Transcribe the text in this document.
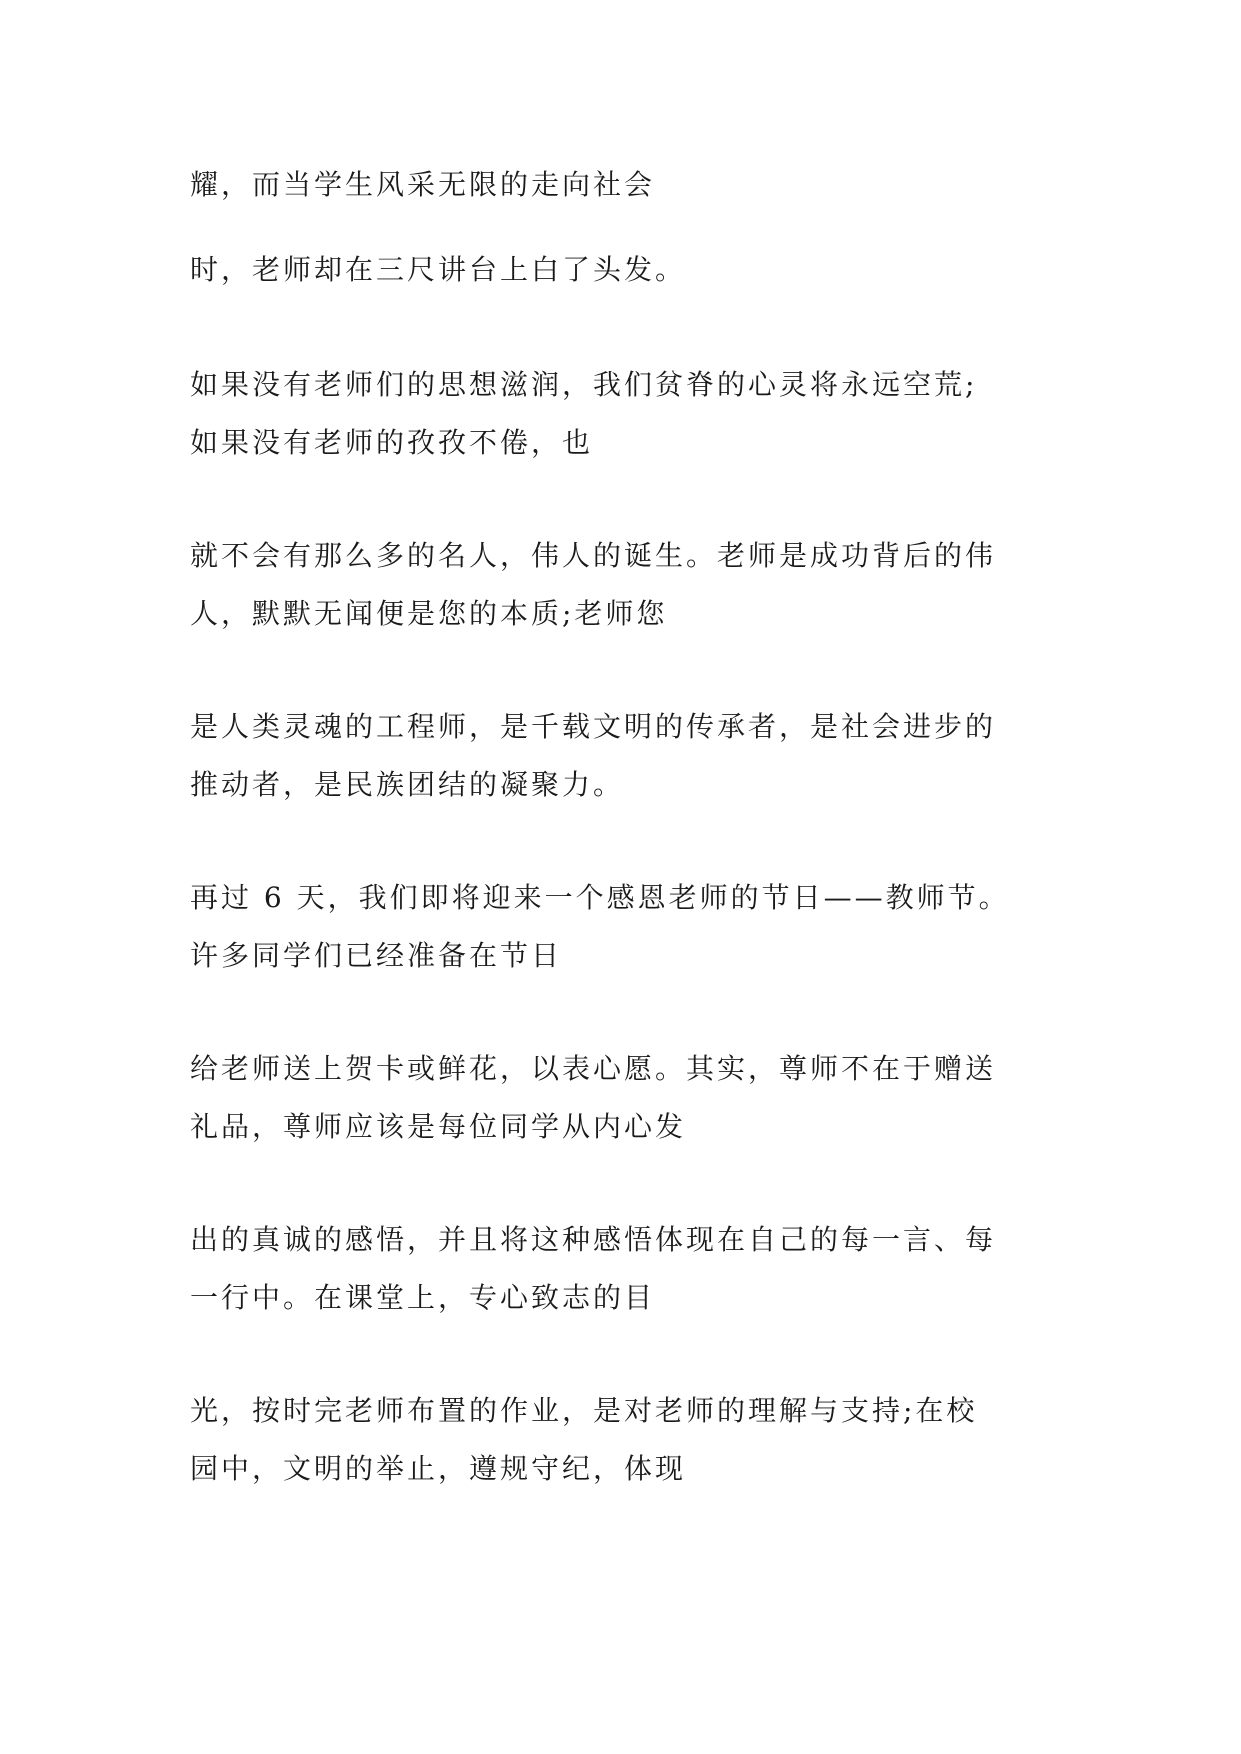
耀，而当学生风采无限的走向社会

时，老师却在三尺讲台上白了头发。

如果没有老师们的思想滋润，我们贫脊的心灵将永远空荒;
如果没有老师的孜孜不倦，也

就不会有那么多的名人，伟人的诞生。老师是成功背后的伟
人，默默无闻便是您的本质;老师您

是人类灵魂的工程师，是千载文明的传承者，是社会进步的
推动者，是民族团结的凝聚力。

再过 6 天，我们即将迎来一个感恩老师的节日——教师节。
许多同学们已经准备在节日

给老师送上贺卡或鲜花，以表心愿。其实，尊师不在于赠送
礼品，尊师应该是每位同学从内心发

出的真诚的感悟，并且将这种感悟体现在自己的每一言、每
一行中。在课堂上，专心致志的目

光，按时完老师布置的作业，是对老师的理解与支持;在校
园中，文明的举止，遵规守纪，体现
